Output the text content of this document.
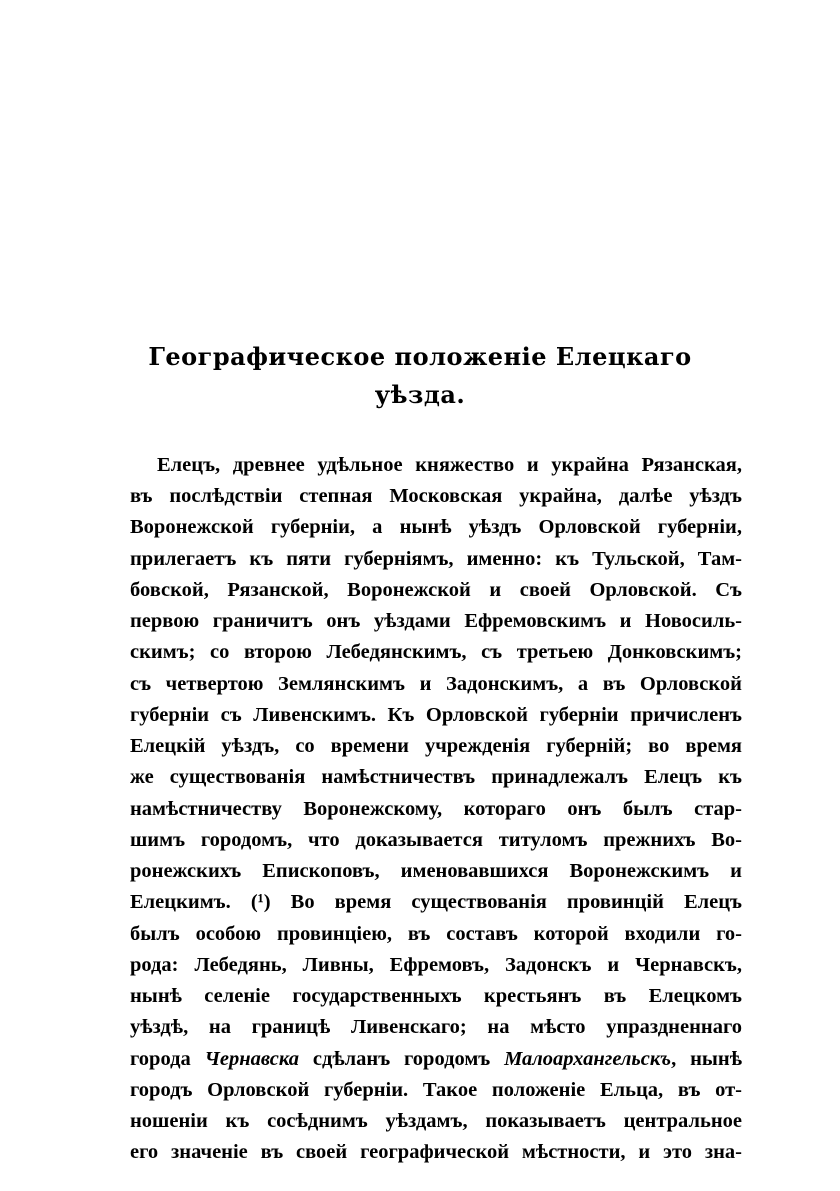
Географическое положеніе Елецкаго
уѣзда.
Елецъ, древнее удѣльное княжество и украйна Рязанская,
въ послѣдствіи степная Московская украйна, далѣе уѣздъ
Воронежской губерніи, а нынѣ уѣздъ Орловской губерніи,
прилегаетъ къ пяти губерніямъ, именно: къ Тульской, Там-
бовской, Рязанской, Воронежской и своей Орловской. Съ
первою граничитъ онъ уѣздами Ефремовскимъ и Новосиль-
скимъ; со второю Лебедянскимъ, съ третьею Донковскимъ;
съ четвертою Землянскимъ и Задонскимъ, а въ Орловской
губерніи съ Ливенскимъ. Къ Орловской губерніи причисленъ
Елецкій уѣздъ, со времени учрежденія губерній; во время
же существованія намѣстничествъ принадлежалъ Елецъ къ
намѣстничеству Воронежскому, котораго онъ былъ стар-
шимъ городомъ, что доказывается титуломъ прежнихъ Во-
ронежскихъ Епископовъ, именовавшихся Воронежскимъ и
Елецкимъ. (¹) Во время существованія провинцій Елецъ
былъ особою провинціею, въ составъ которой входили го-
рода: Лебедянь, Ливны, Ефремовъ, Задонскъ и Чернавскъ,
нынѣ селеніе государственныхъ крестьянъ въ Елецкомъ
уѣздѣ, на границѣ Ливенскаго; на мѣсто упраздненнаго
города Чернавска сдѣланъ городомъ Малоархангельскъ, нынѣ
городъ Орловской губерніи. Такое положеніе Ельца, въ от-
ношеніи къ сосѣднимъ уѣздамъ, показываетъ центральное
его значеніе въ своей географической мѣстности, и это зна-
